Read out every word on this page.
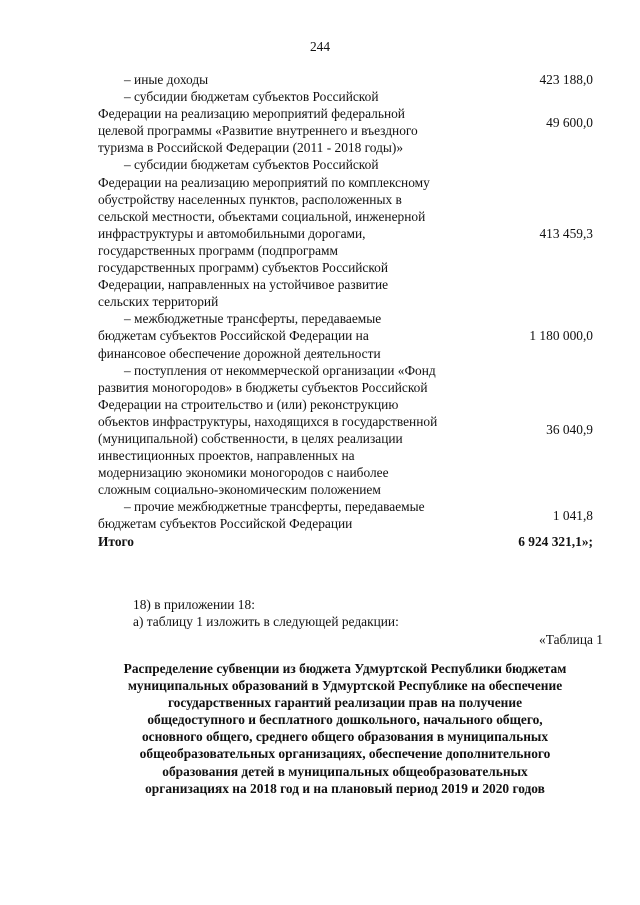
244
– иные доходы	423 188,0
– субсидии бюджетам субъектов Российской
Федерации на реализацию мероприятий федеральной
целевой программы «Развитие внутреннего и въездного
туризма в Российской Федерации (2011 - 2018 годы)»
49 600,0
– субсидии бюджетам субъектов Российской
Федерации на реализацию мероприятий по комплексному
обустройству населенных пунктов, расположенных в
сельской местности, объектами социальной, инженерной
инфраструктуры и автомобильными дорогами,
государственных программ (подпрограмм
государственных программ) субъектов Российской
Федерации, направленных на устойчивое развитие
сельских территорий
413 459,3
– межбюджетные трансферты, передаваемые
бюджетам субъектов Российской Федерации на
финансовое обеспечение дорожной деятельности
1 180 000,0
– поступления от некоммерческой организации «Фонд
развития моногородов» в бюджеты субъектов Российской
Федерации на строительство и (или) реконструкцию
объектов инфраструктуры, находящихся в государственной
(муниципальной) собственности, в целях реализации
инвестиционных проектов, направленных на
модернизацию экономики моногородов с наиболее
сложным социально-экономическим положением
36 040,9
– прочие межбюджетные трансферты, передаваемые
бюджетам субъектов Российской Федерации
1 041,8
Итого	6 924 321,1»;
18) в приложении 18:
а) таблицу 1 изложить в следующей редакции:
«Таблица 1
Распределение субвенции из бюджета Удмуртской Республики бюджетам
муниципальных образований в Удмуртской Республике на обеспечение
государственных гарантий реализации прав на получение
общедоступного и бесплатного дошкольного, начального общего,
основного общего, среднего общего образования в муниципальных
общеобразовательных организациях, обеспечение дополнительного
образования детей в муниципальных общеобразовательных
организациях на 2018 год и на плановый период 2019 и 2020 годов
